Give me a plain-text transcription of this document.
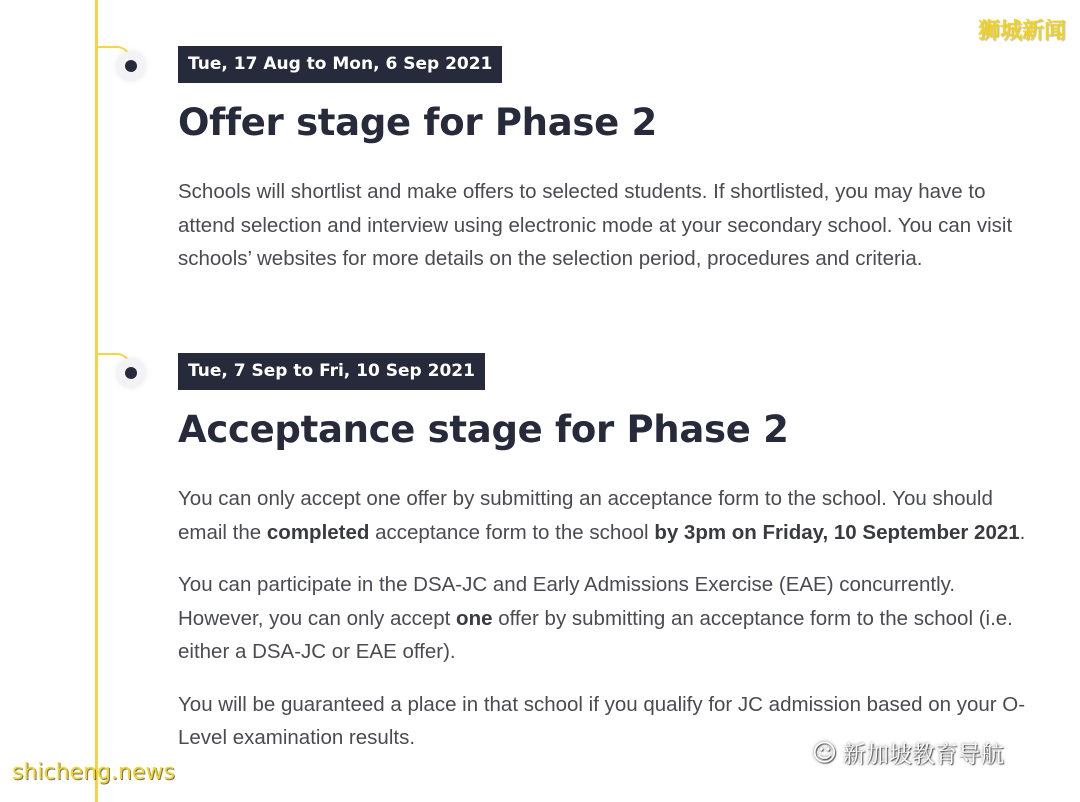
Tue, 17 Aug to Mon, 6 Sep 2021
Offer stage for Phase 2

Schools will shortlist and make offers to selected students. If shortlisted, you may have to attend selection and interview using electronic mode at your secondary school. You can visit schools’ websites for more details on the selection period, procedures and criteria.

Tue, 7 Sep to Fri, 10 Sep 2021
Acceptance stage for Phase 2

You can only accept one offer by submitting an acceptance form to the school. You should email the completed acceptance form to the school by 3pm on Friday, 10 September 2021.

You can participate in the DSA-JC and Early Admissions Exercise (EAE) concurrently. However, you can only accept one offer by submitting an acceptance form to the school (i.e. either a DSA-JC or EAE offer).

You will be guaranteed a place in that school if you qualify for JC admission based on your O-Level examination results.

狮城新闻
shicheng.news
☺ 新加坡教育导航
